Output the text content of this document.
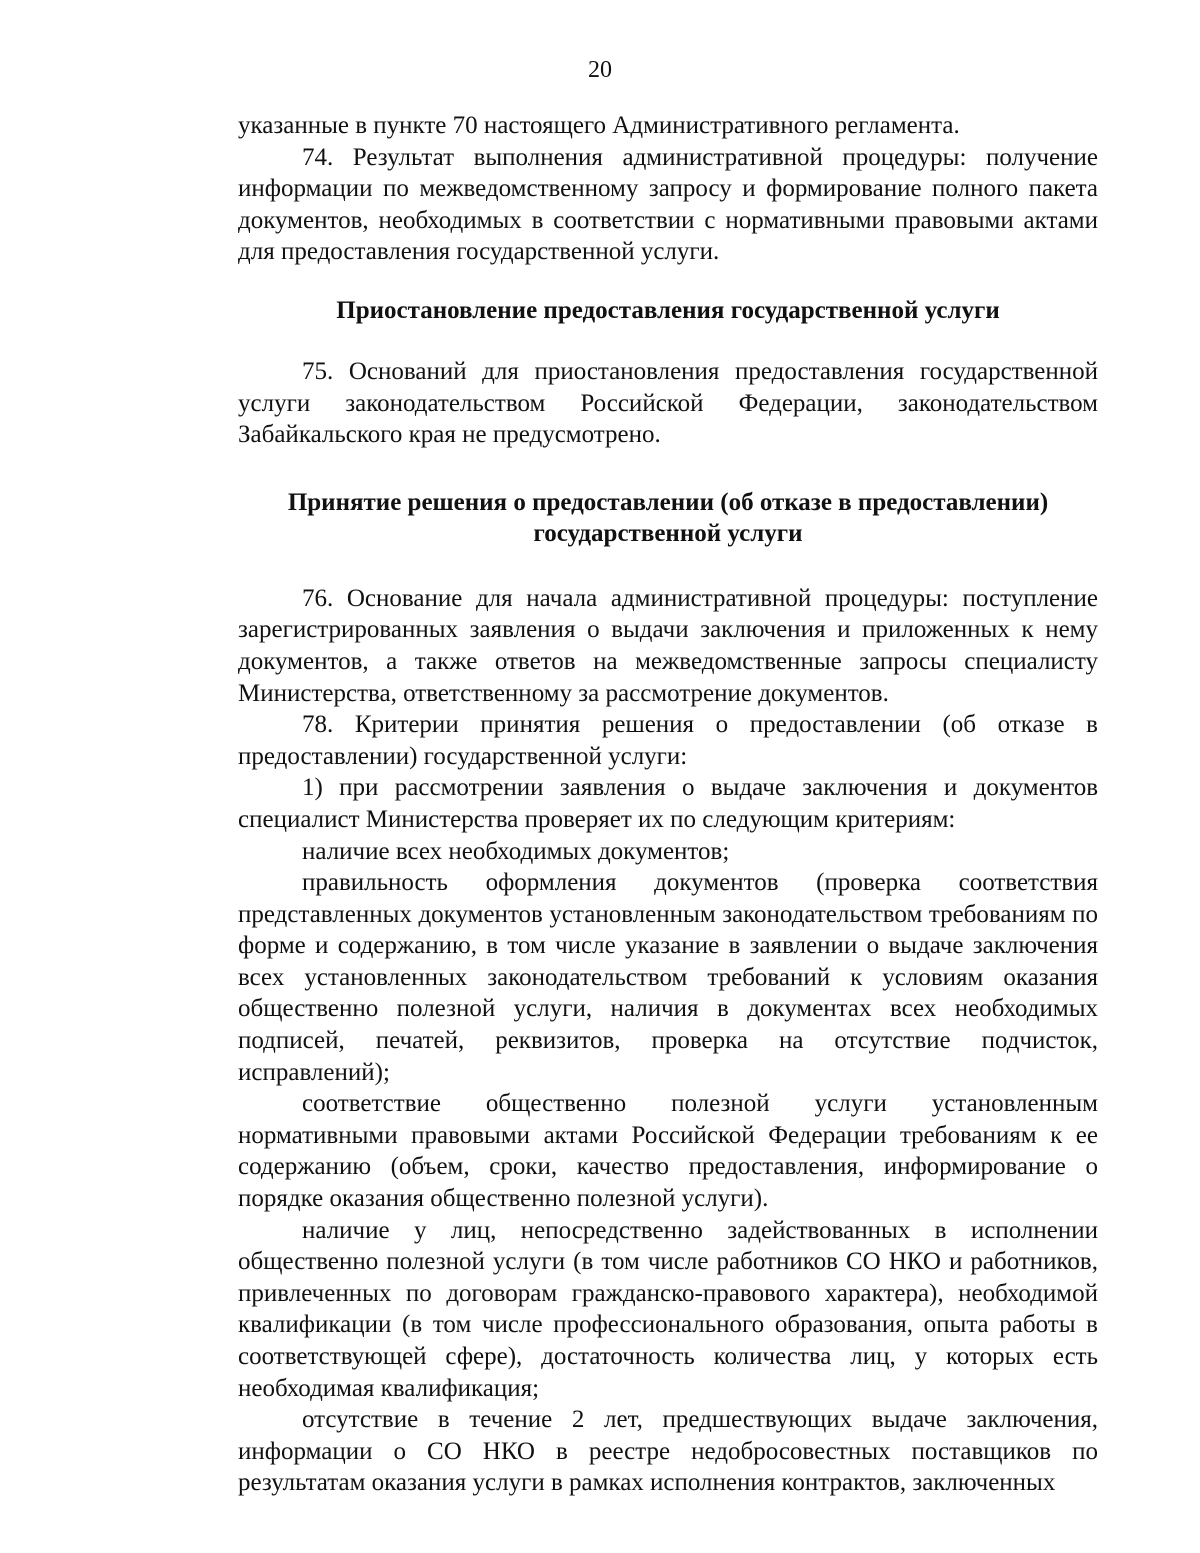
20

указанные в пункте 70 настоящего Административного регламента.

74. Результат выполнения административной процедуры: получение информации по межведомственному запросу и формирование полного пакета документов, необходимых в соответствии с нормативными правовыми актами для предоставления государственной услуги.

Приостановление предоставления государственной услуги

75. Оснований для приостановления предоставления государственной услуги законодательством Российской Федерации, законодательством Забайкальского края не предусмотрено.

Принятие решения о предоставлении (об отказе в предоставлении)
государственной услуги

76. Основание для начала административной процедуры: поступление зарегистрированных заявления о выдачи заключения и приложенных к нему документов, а также ответов на межведомственные запросы специалисту Министерства, ответственному за рассмотрение документов.

78. Критерии принятия решения о предоставлении (об отказе в предоставлении) государственной услуги:

1) при рассмотрении заявления о выдаче заключения и документов специалист Министерства проверяет их по следующим критериям:

наличие всех необходимых документов;

правильность оформления документов (проверка соответствия представленных документов установленным законодательством требованиям по форме и содержанию, в том числе указание в заявлении о выдаче заключения всех установленных законодательством требований к условиям оказания общественно полезной услуги, наличия в документах всех необходимых подписей, печатей, реквизитов, проверка на отсутствие подчисток, исправлений);

соответствие общественно полезной услуги установленным нормативными правовыми актами Российской Федерации требованиям к ее содержанию (объем, сроки, качество предоставления, информирование о порядке оказания общественно полезной услуги).

наличие у лиц, непосредственно задействованных в исполнении общественно полезной услуги (в том числе работников СО НКО и работников, привлеченных по договорам гражданско-правового характера), необходимой квалификации (в том числе профессионального образования, опыта работы в соответствующей сфере), достаточность количества лиц, у которых есть необходимая квалификация;

отсутствие в течение 2 лет, предшествующих выдаче заключения, информации о СО НКО в реестре недобросовестных поставщиков по результатам оказания услуги в рамках исполнения контрактов, заключенных
